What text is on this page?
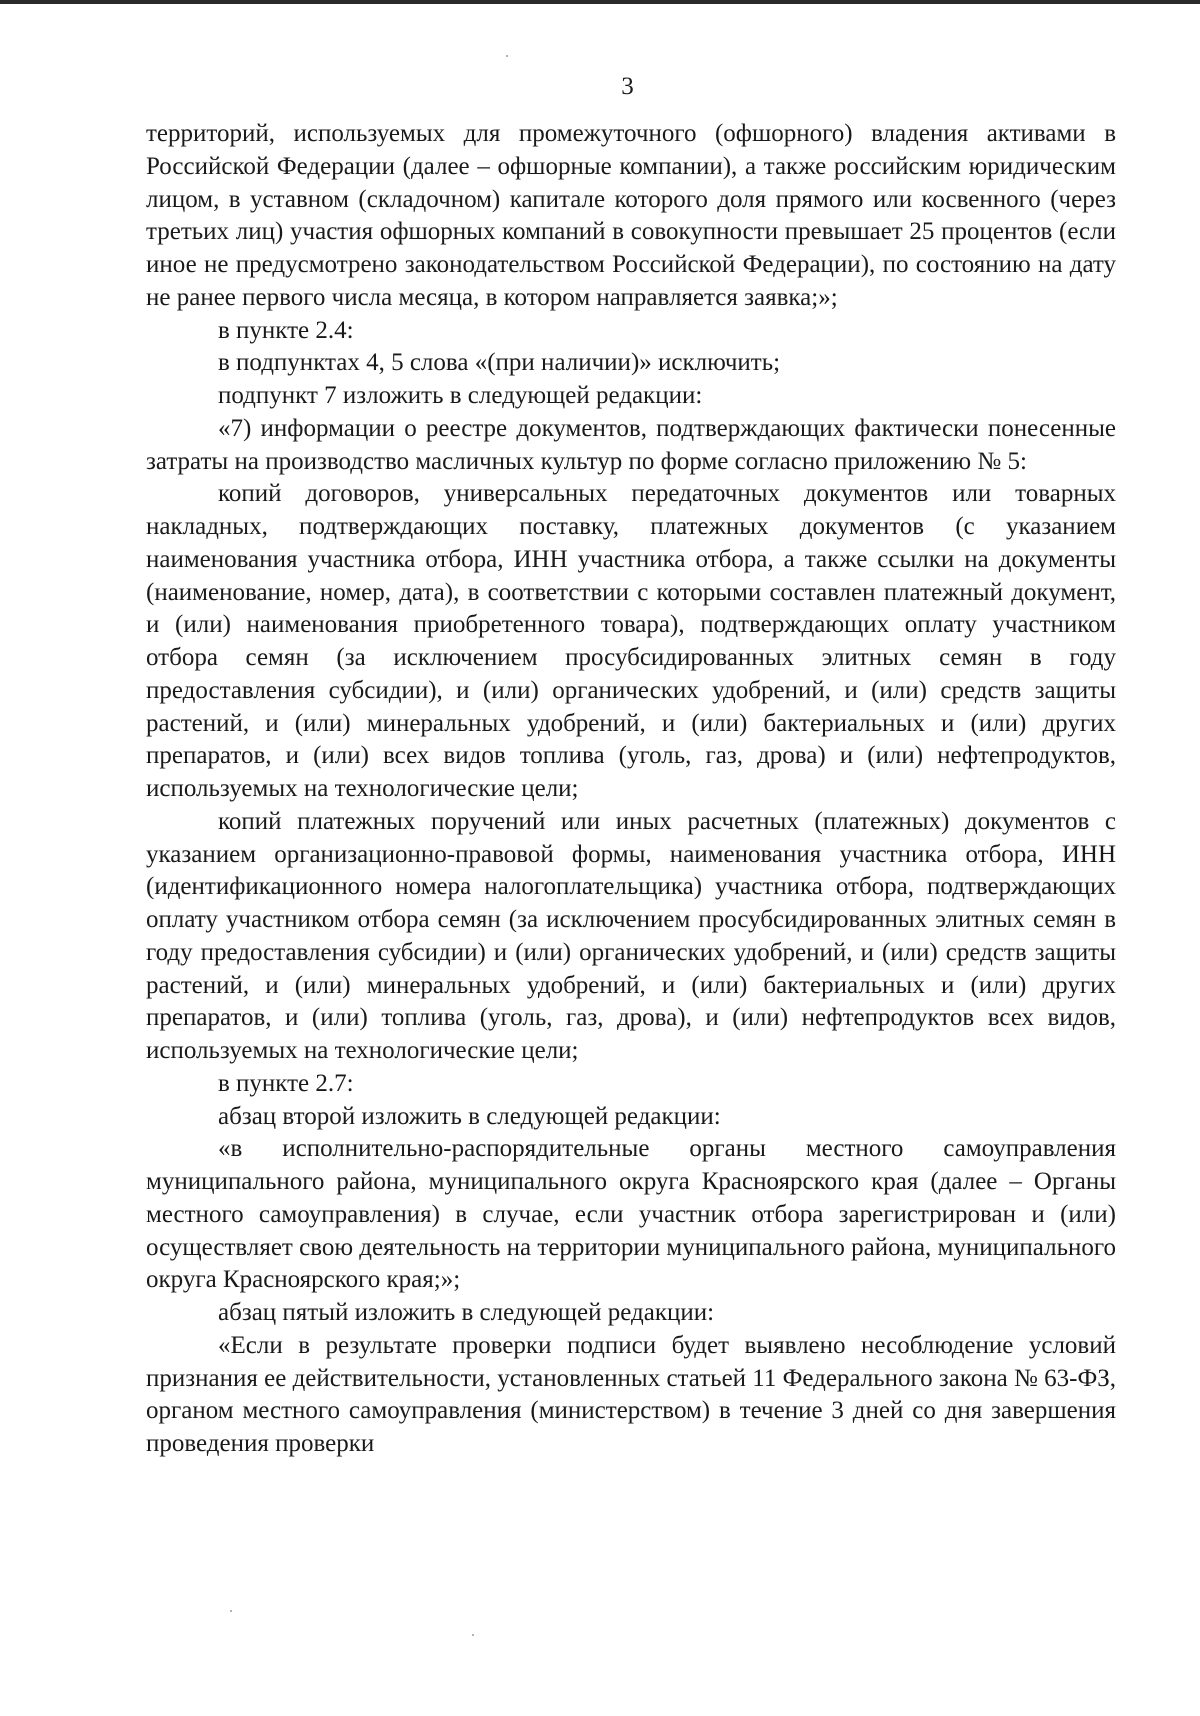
3

территорий, используемых для промежуточного (офшорного) владения активами в Российской Федерации (далее – офшорные компании), а также российским юридическим лицом, в уставном (складочном) капитале которого доля прямого или косвенного (через третьих лиц) участия офшорных компаний в совокупности превышает 25 процентов (если иное не предусмотрено законодательством Российской Федерации), по состоянию на дату не ранее первого числа месяца, в котором направляется заявка;»;

в пункте 2.4:

в подпунктах 4, 5 слова «(при наличии)» исключить;

подпункт 7 изложить в следующей редакции:

«7) информации о реестре документов, подтверждающих фактически понесенные затраты на производство масличных культур по форме согласно приложению № 5:

копий договоров, универсальных передаточных документов или товарных накладных, подтверждающих поставку, платежных документов (с указанием наименования участника отбора, ИНН участника отбора, а также ссылки на документы (наименование, номер, дата), в соответствии с которыми составлен платежный документ, и (или) наименования приобретенного товара), подтверждающих оплату участником отбора семян (за исключением просубсидированных элитных семян в году предоставления субсидии), и (или) органических удобрений, и (или) средств защиты растений, и (или) минеральных удобрений, и (или) бактериальных и (или) других препаратов, и (или) всех видов топлива (уголь, газ, дрова) и (или) нефтепродуктов, используемых на технологические цели;

копий платежных поручений или иных расчетных (платежных) документов с указанием организационно-правовой формы, наименования участника отбора, ИНН (идентификационного номера налогоплательщика) участника отбора, подтверждающих оплату участником отбора семян (за исключением просубсидированных элитных семян в году предоставления субсидии) и (или) органических удобрений, и (или) средств защиты растений, и (или) минеральных удобрений, и (или) бактериальных и (или) других препаратов, и (или) топлива (уголь, газ, дрова), и (или) нефтепродуктов всех видов, используемых на технологические цели;

в пункте 2.7:

абзац второй изложить в следующей редакции:

«в исполнительно-распорядительные органы местного самоуправления муниципального района, муниципального округа Красноярского края (далее – Органы местного самоуправления) в случае, если участник отбора зарегистрирован и (или) осуществляет свою деятельность на территории муниципального района, муниципального округа Красноярского края;»;

абзац пятый изложить в следующей редакции:

«Если в результате проверки подписи будет выявлено несоблюдение условий признания ее действительности, установленных статьей 11 Федерального закона № 63-ФЗ, органом местного самоуправления (министерством) в течение 3 дней со дня завершения проведения проверки
